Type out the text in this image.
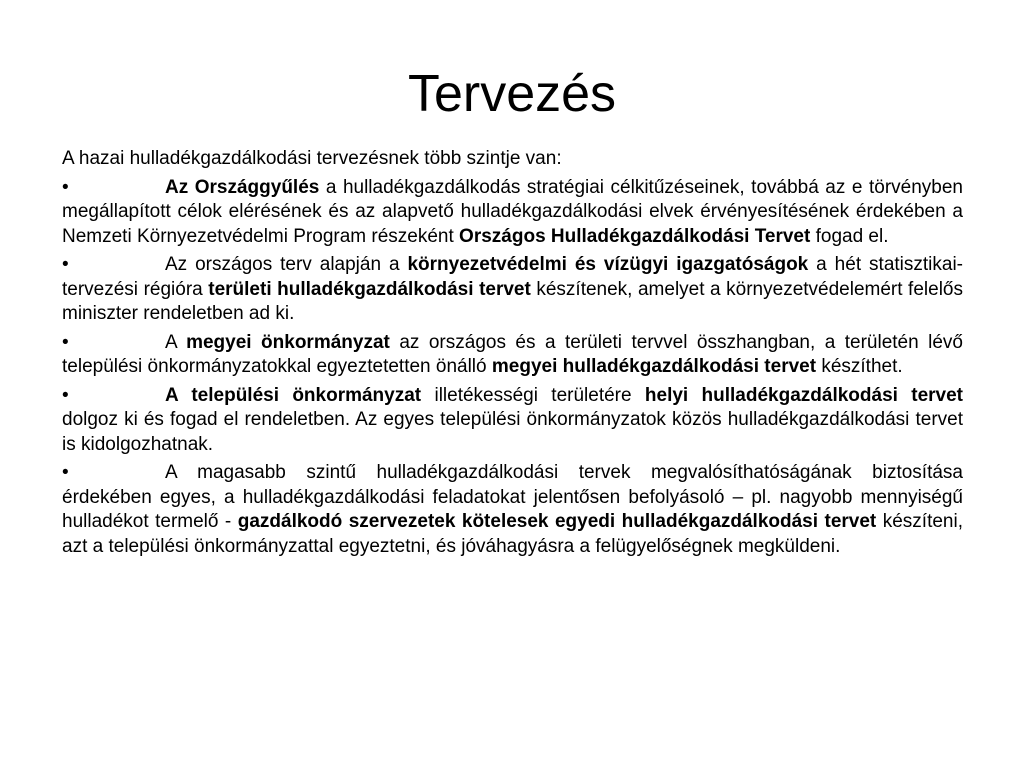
Tervezés

A hazai hulladékgazdálkodási tervezésnek több szintje van:

•	Az Országgyűlés a hulladékgazdálkodás stratégiai célkitűzéseinek, továbbá az e törvényben megállapított célok elérésének és az alapvető hulladékgazdálkodási elvek érvényesítésének érdekében a Nemzeti Környezetvédelmi Program részeként Országos Hulladékgazdálkodási Tervet fogad el.

•	Az országos terv alapján a környezetvédelmi és vízügyi igazgatóságok a hét statisztikai-tervezési régióra területi hulladékgazdálkodási tervet készítenek, amelyet a környezetvédelemért felelős miniszter rendeletben ad ki.

•	A megyei önkormányzat az országos és a területi tervvel összhangban, a területén lévő települési önkormányzatokkal egyeztetetten önálló megyei hulladékgazdálkodási tervet készíthet.

•	A települési önkormányzat illetékességi területére helyi hulladékgazdálkodási tervet dolgoz ki és fogad el rendeletben. Az egyes települési önkormányzatok közös hulladékgazdálkodási tervet is kidolgozhatnak.

•	A magasabb szintű hulladékgazdálkodási tervek megvalósíthatóságának biztosítása érdekében egyes, a hulladékgazdálkodási feladatokat jelentősen befolyásoló – pl. nagyobb mennyiségű hulladékot termelő - gazdálkodó szervezetek kötelesek egyedi hulladékgazdálkodási tervet készíteni, azt a települési önkormányzattal egyeztetni, és jóváhagyásra a felügyelőségnek megküldeni.
